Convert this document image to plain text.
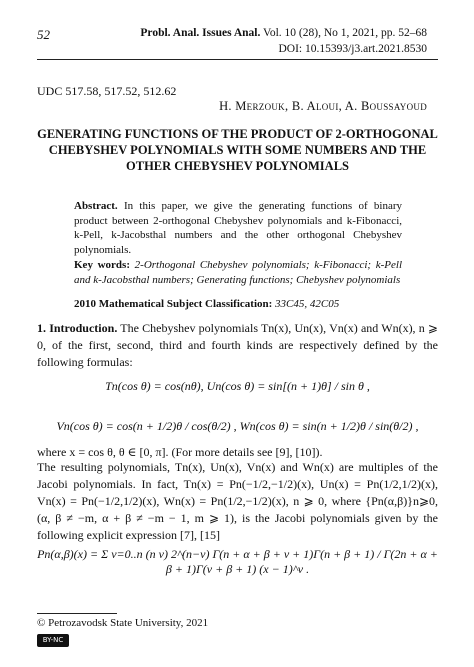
52	Probl. Anal. Issues Anal. Vol. 10 (28), No 1, 2021, pp. 52–68
DOI: 10.15393/j3.art.2021.8530
UDC 517.58, 517.52, 512.62
H. Merzouk, B. Aloui, A. Boussayoud
GENERATING FUNCTIONS OF THE PRODUCT OF 2-ORTHOGONAL CHEBYSHEV POLYNOMIALS WITH SOME NUMBERS AND THE OTHER CHEBYSHEV POLYNOMIALS
Abstract. In this paper, we give the generating functions of binary product between 2-orthogonal Chebyshev polynomials and k-Fibonacci, k-Pell, k-Jacobsthal numbers and the other orthogonal Chebyshev polynomials.
Key words: 2-Orthogonal Chebyshev polynomials; k-Fibonacci; k-Pell and k-Jacobsthal numbers; Generating functions; Chebyshev polynomials
2010 Mathematical Subject Classification: 33C45, 42C05
1. Introduction. The Chebyshev polynomials Tn(x), Un(x), Vn(x) and Wn(x), n ⩾ 0, of the first, second, third and fourth kinds are respectively defined by the following formulas:
Tn(cos θ) = cos(nθ), Un(cos θ) = sin[(n + 1)θ] / sin θ ,
Vn(cos θ) = cos(n + 1/2)θ / cos(θ/2) , Wn(cos θ) = sin(n + 1/2)θ / sin(θ/2) ,
where x = cos θ, θ ∈ [0, π]. (For more details see [9], [10]).
The resulting polynomials, Tn(x), Un(x), Vn(x) and Wn(x) are multiples of the Jacobi polynomials. In fact, Tn(x) = Pn(−1/2,−1/2)(x), Un(x) = Pn(1/2,1/2)(x), Vn(x) = Pn(−1/2,1/2)(x), Wn(x) = Pn(1/2,−1/2)(x), n ⩾ 0, where {Pn(α,β)}n⩾0, (α, β ≠ −m, α + β ≠ −m − 1, m ⩾ 1), is the Jacobi polynomials given by the following explicit expression [7], [15]
Pn(α,β)(x) = Σ ν=0..n (n ν) 2^(n−ν) Γ(n + α + β + ν + 1)Γ(n + β + 1) / Γ(2n + α + β + 1)Γ(ν + β + 1) (x − 1)^ν .
© Petrozavodsk State University, 2021
BY-NC
